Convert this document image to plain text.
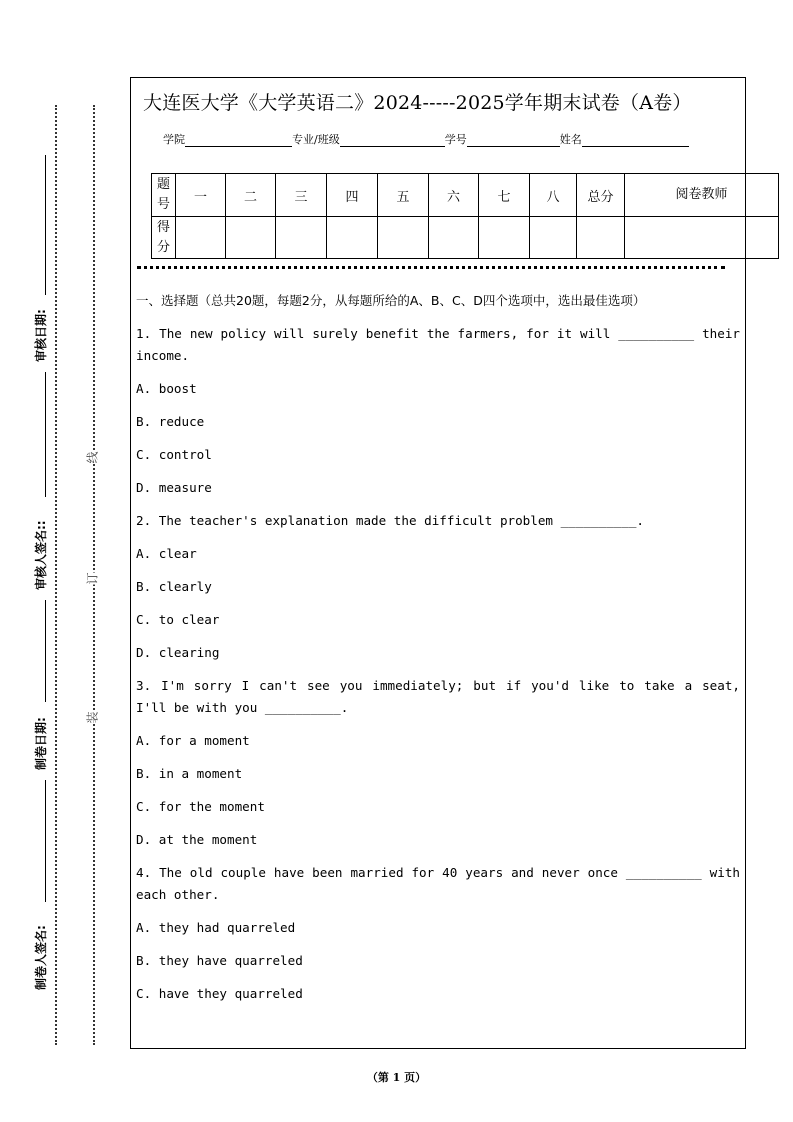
审核日期:
审核人签名::
制卷日期:
制卷人签名:
线
订
装
大连医大学《大学英语二》2024-----2025学年期末试卷（A卷）
学院	专业/班级	学号	姓名
题号	一	二	三	四	五	六	七	八	总分	阅卷教师
得分										

一、选择题（总共20题，每题2分，从每题所给的A、B、C、D四个选项中，选出最佳选项）

1. The new policy will surely benefit the farmers, for it will __________ their income.

A. boost

B. reduce

C. control

D. measure

2. The teacher's explanation made the difficult problem __________.

A. clear

B. clearly

C. to clear

D. clearing

3. I'm sorry I can't see you immediately; but if you'd like to take a seat, I'll be with you __________.

A. for a moment

B. in a moment

C. for the moment

D. at the moment

4. The old couple have been married for 40 years and never once __________ with each other.

A. they had quarreled

B. they have quarreled

C. have they quarreled

（第 1 页）
